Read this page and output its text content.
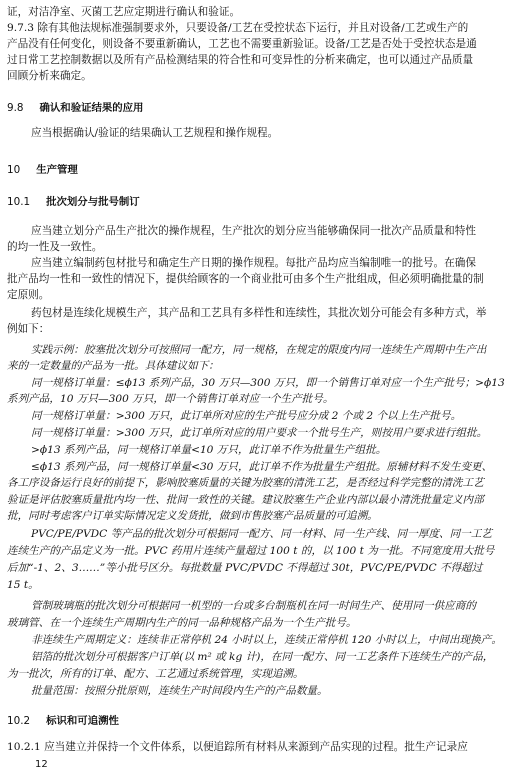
证，对洁净室、灭菌工艺应定期进行确认和验证。
9.7.3 除有其他法规标准强制要求外，只要设备/工艺在受控状态下运行，并且对设备/工艺或生产的
产品没有任何变化，则设备不要重新确认，工艺也不需要重新验证。设备/工艺是否处于受控状态是通
过日常工艺控制数据以及所有产品检测结果的符合性和可变异性的分析来确定，也可以通过产品质量
回顾分析来确定。
9.8 确认和验证结果的应用
应当根据确认/验证的结果确认工艺规程和操作规程。
10 生产管理
10.1 批次划分与批号制订
应当建立划分产品生产批次的操作规程，生产批次的划分应当能够确保同一批次产品质量和特性
的均一性及一致性。
应当建立编制药包材批号和确定生产日期的操作规程。每批产品均应当编制唯一的批号。在确保
批产品均一性和一致性的情况下，提供给顾客的一个商业批可由多个生产批组成，但必须明确批量的制
定原则。
药包材是连续化规模生产，其产品和工艺具有多样性和连续性，其批次划分可能会有多种方式，举
例如下：
实践示例：胶塞批次划分可按照同一配方，同一规格，在规定的限度内同一连续生产周期中生产出
来的一定数量的产品为一批。具体建议如下：
同一规格订单量：≤ϕ13 系列产品，30 万只—300 万只，即一个销售订单对应一个生产批号；>ϕ13
系列产品，10 万只—300 万只，即一个销售订单对应一个生产批号。
同一规格订单量：>300 万只，此订单所对应的生产批号应分成 2 个或 2 个以上生产批号。
同一规格订单量：>300 万只，此订单所对应的用户要求一个批号生产，则按用户要求进行组批。
>ϕ13 系列产品，同一规格订单量<10 万只，此订单不作为批量生产组批。
≤ϕ13 系列产品，同一规格订单量<30 万只，此订单不作为批量生产组批。原辅材料不发生变更、
各工序设备运行良好的前提下，影响胶塞质量的关键为胶塞的清洗工艺，是否经过科学完整的清洗工艺
验证是评估胶塞质量批内均一性、批间一致性的关键。建议胶塞生产企业内部以最小清洗批量定义内部
批，同时考虑客户订单实际情况定义发货批，做到市售胶塞产品质量的可追溯。
PVC/PE/PVDC 等产品的批次划分可根据同一配方、同一材料、同一生产线、同一厚度、同一工艺
连续生产的产品定义为一批。PVC 药用片连续产量超过 100 t 的，以 100 t 为一批。不同宽度用大批号
后加“-1、2、3……”等小批号区分。每批数量 PVC/PVDC 不得超过 30t，PVC/PE/PVDC 不得超过
15 t。
管制玻璃瓶的批次划分可根据同一机型的一台或多台制瓶机在同一时间生产、使用同一供应商的
玻璃管、在一个连续生产周期内生产的同一品种规格产品为一个生产批号。
非连续生产周期定义：连续非正常停机 24 小时以上，连续正常停机 120 小时以上，中间出现换产。
铝箔的批次划分可根据客户订单(以 m² 或 kg 计)，在同一配方、同一工艺条件下连续生产的产品，
为一批次，所有的订单、配方、工艺通过系统管理，实现追溯。
批量范围：按照分批原则，连续生产时间段内生产的产品数量。
10.2 标识和可追溯性
10.2.1 应当建立并保持一个文件体系，以便追踪所有材料从来源到产品实现的过程。批生产记录应
12
